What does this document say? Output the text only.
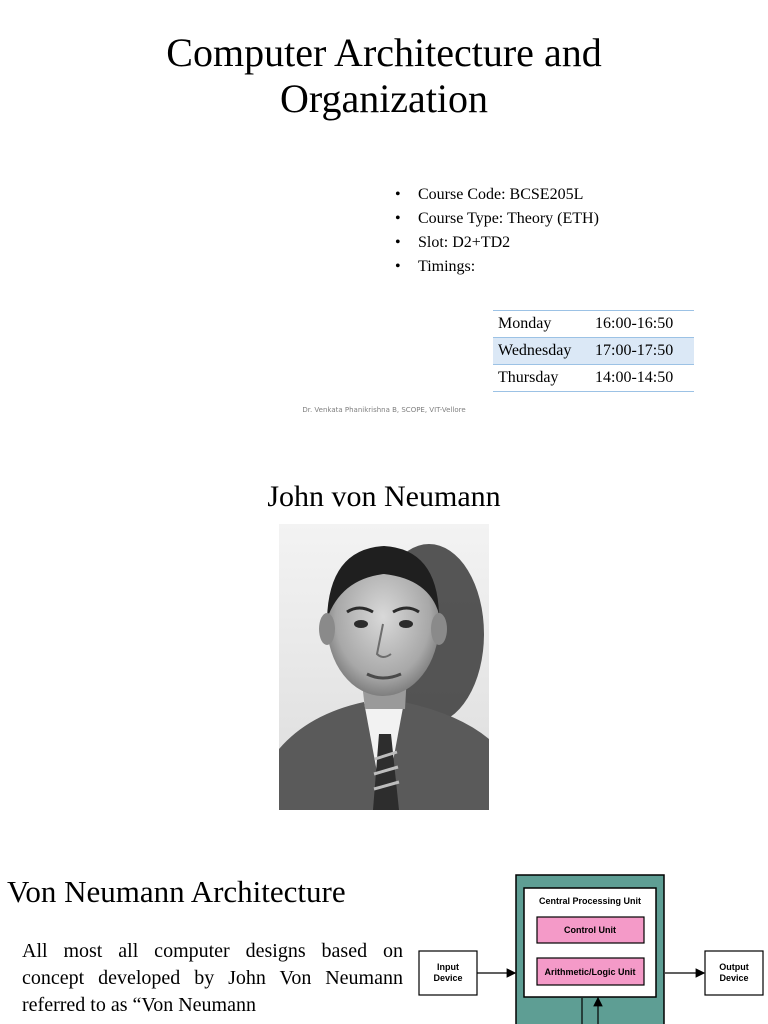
Computer Architecture and
Organization
• Course Code: BCSE205L
• Course Type: Theory (ETH)
• Slot: D2+TD2
• Timings:
Monday	16:00-16:50
Wednesday	17:00-17:50
Thursday	14:00-14:50
Dr. Venkata Phanikrishna B, SCOPE, VIT-Vellore
John von Neumann
Von Neumann Architecture

All most all computer designs based on concept developed by John Von Neumann referred to as “Von Neumann

Central Processing Unit
Control Unit
Arithmetic/Logic Unit
Input
Device
Output
Device
